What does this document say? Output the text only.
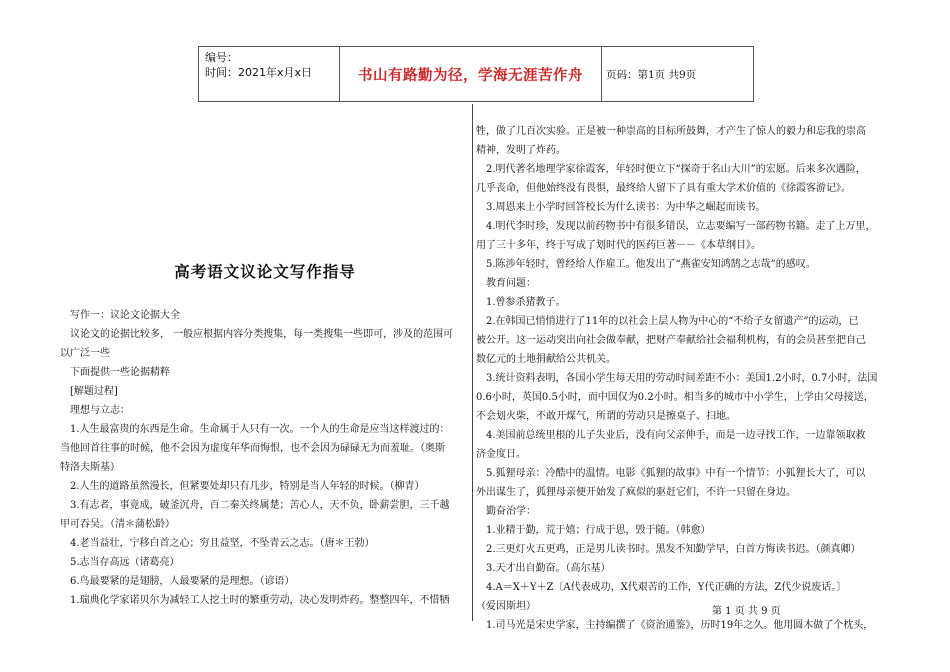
编号：
时间：2021年x月x日	书山有路勤为径，学海无涯苦作舟	页码：第1页 共9页
高考语文议论文写作指导

写作一：议论文论据大全

议论文的论据比较多， 一般应根据内容分类搜集，每一类搜集一些即可，涉及的范围可

以广泛一些

下面提供一些论据精粹

[解题过程]

理想与立志：

1.人生最富贵的东西是生命。生命属于人只有一次。一个人的生命是应当这样渡过的：

当他回首往事的时候，他不会因为虚度年华而悔恨，也不会因为碌碌无为而羞耻。（奥斯

特洛夫斯基）

2.人生的道路虽然漫长，但紧要处却只有几步，特别是当人年轻的时候。（柳青）

3.有志者，事竟成，破釜沉舟，百二秦关终属楚；苦心人，天不负，卧薪尝胆，三千越

甲可吞吴。（清＊蒲松龄）

4.老当益壮，宁移白首之心；穷且益坚，不坠青云之志。（唐＊王勃）

5.志当存高远（诸葛亮）

6.鸟最要紧的是翅膀，人最要紧的是理想。（谚语）

1.瑞典化学家诺贝尔为减轻工人挖土时的繁重劳动，决心发明炸药。整整四年，不惜牺

牲，做了几百次实验。正是被一种崇高的目标所鼓舞，才产生了惊人的毅力和忘我的崇高

精神，发明了炸药。

2.明代著名地理学家徐霞客，年轻时便立下“探奇于名山大川”的宏愿。后来多次遇险，

几乎丧命，但他始终没有畏惧，最终给人留下了具有重大学术价值的《徐霞客游记》。

3.周恩来上小学时回答校长为什么读书：为中华之崛起而读书。

4.明代李时珍，发现以前药物书中有很多错误，立志要编写一部药物书籍。走了上万里，

用了三十多年，终于写成了划时代的医药巨著－－《本草纲目》。

5.陈涉年轻时，曾经给人作雇工。他发出了“燕雀安知鸿鹄之志哉”的感叹。

教育问题：

1.曾参杀猪教子。

2.在韩国已悄悄进行了11年的以社会上层人物为中心的“不给子女留遗产”的运动，已

被公开。这一运动突出向社会做奉献，把财产奉献给社会福利机构，有的会员甚至把自己

数亿元的土地捐献给公共机关。

3.统计资料表明，各国小学生每天用的劳动时间差距不小：美国1.2小时，0.7小时，法国

0.6小时，英国0.5小时，而中国仅为0.2小时。相当多的城市中小学生，上学由父母接送，

不会划火柴，不敢开煤气，所谓的劳动只是擦桌子、扫地。

4.美国前总统里根的儿子失业后，没有向父亲伸手，而是一边寻找工作，一边靠领取救

济金度日。

5.狐狸母亲：冷酷中的温情。电影《狐狸的故事》中有一个情节：小狐狸长大了，可以

外出谋生了，狐狸母亲便开始发了疯似的驱赶它们，不许一只留在身边。

勤奋治学：

1.业精于勤，荒于嬉；行成于思，毁于随。（韩愈）

2.三更灯火五更鸡，正是男儿读书时。黑发不知勤学早，白首方悔读书迟。（颜真卿）

3.天才出自勤奋。（高尔基）

4.A＝X＋Y＋Z〔A代表成功，X代艰苦的工作，Y代正确的方法，Z代少说废话。〕

（爱因斯坦）

1.司马光是宋史学家，主持编撰了《资治通鉴》，历时19年之久。他用圆木做了个枕头，

第 1 页 共 9 页
